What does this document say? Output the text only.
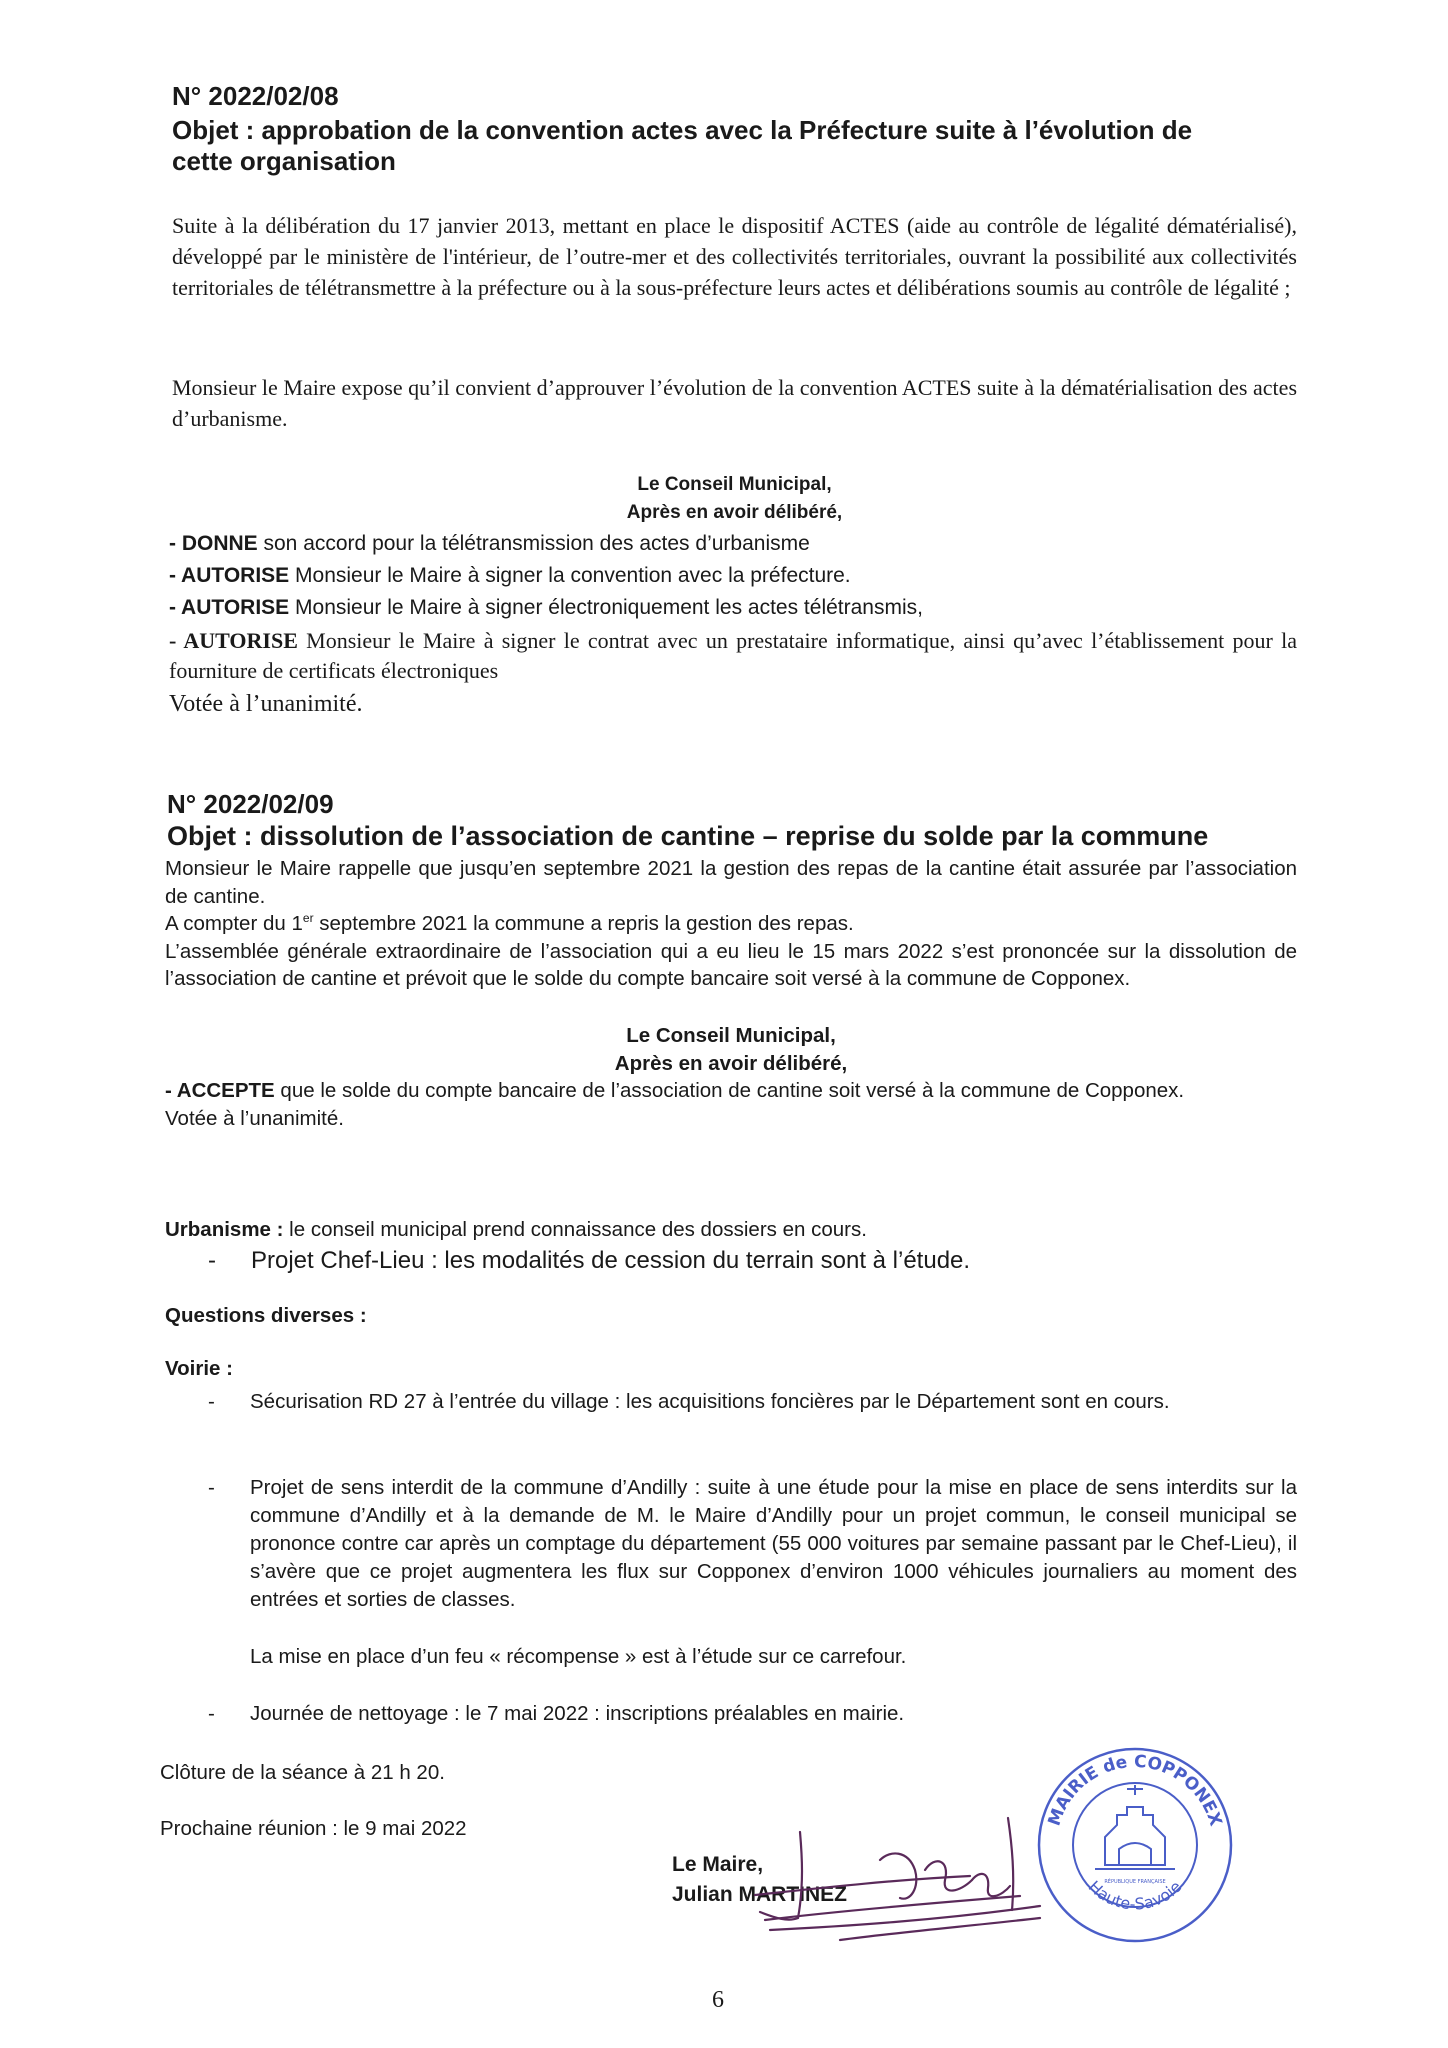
N° 2022/02/08
Objet : approbation de la convention actes avec la Préfecture suite à l’évolution de
cette organisation

Suite à la délibération du 17 janvier 2013, mettant en place le dispositif ACTES (aide au contrôle de légalité dématérialisé), développé par le ministère de l'intérieur, de l’outre-mer et des collectivités territoriales, ouvrant la possibilité aux collectivités territoriales de télétransmettre à la préfecture ou à la sous-préfecture leurs actes et délibérations soumis au contrôle de légalité ;

Monsieur le Maire expose qu’il convient d’approuver l’évolution de la convention ACTES suite à la dématérialisation des actes d’urbanisme.

Le Conseil Municipal,
Après en avoir délibéré,
- DONNE son accord pour la télétransmission des actes d’urbanisme
- AUTORISE Monsieur le Maire à signer la convention avec la préfecture.
- AUTORISE Monsieur le Maire à signer électroniquement les actes télétransmis,

- AUTORISE Monsieur le Maire à signer le contrat avec un prestataire informatique, ainsi qu’avec l’établissement pour la fourniture de certificats électroniques

Votée à l’unanimité.
N° 2022/02/09
Objet : dissolution de l’association de cantine – reprise du solde par la commune

Monsieur le Maire rappelle que jusqu’en septembre 2021 la gestion des repas de la cantine était assurée par l’association de cantine.

A compter du 1er septembre 2021 la commune a repris la gestion des repas.

L’assemblée générale extraordinaire de l’association qui a eu lieu le 15 mars 2022 s’est prononcée sur la dissolution de l’association de cantine et prévoit que le solde du compte bancaire soit versé à la commune de Copponex.

Le Conseil Municipal,
Après en avoir délibéré,

- ACCEPTE que le solde du compte bancaire de l’association de cantine soit versé à la commune de Copponex.

Votée à l’unanimité.

Urbanisme : le conseil municipal prend connaissance des dossiers en cours.
- Projet Chef-Lieu : les modalités de cession du terrain sont à l’étude.
Questions diverses :
Voirie :
- Sécurisation RD 27 à l’entrée du village : les acquisitions foncières par le Département sont en cours.

- Projet de sens interdit de la commune d’Andilly : suite à une étude pour la mise en place de sens interdits sur la commune d’Andilly et à la demande de M. le Maire d’Andilly pour un projet commun, le conseil municipal se prononce contre car après un comptage du département (55 000 voitures par semaine passant par le Chef-Lieu), il s’avère que ce projet augmentera les flux sur Copponex d’environ 1000 véhicules journaliers au moment des entrées et sorties de classes.

La mise en place d’un feu « récompense » est à l’étude sur ce carrefour.

- Journée de nettoyage : le 7 mai 2022 : inscriptions préalables en mairie.

Clôture de la séance à 21 h 20.
Prochaine réunion : le 9 mai 2022
Le Maire,
Julian MARTINEZ
MAIRIE de COPPONEX
Haute-Savoie
RÉPUBLIQUE FRANÇAISE
6
